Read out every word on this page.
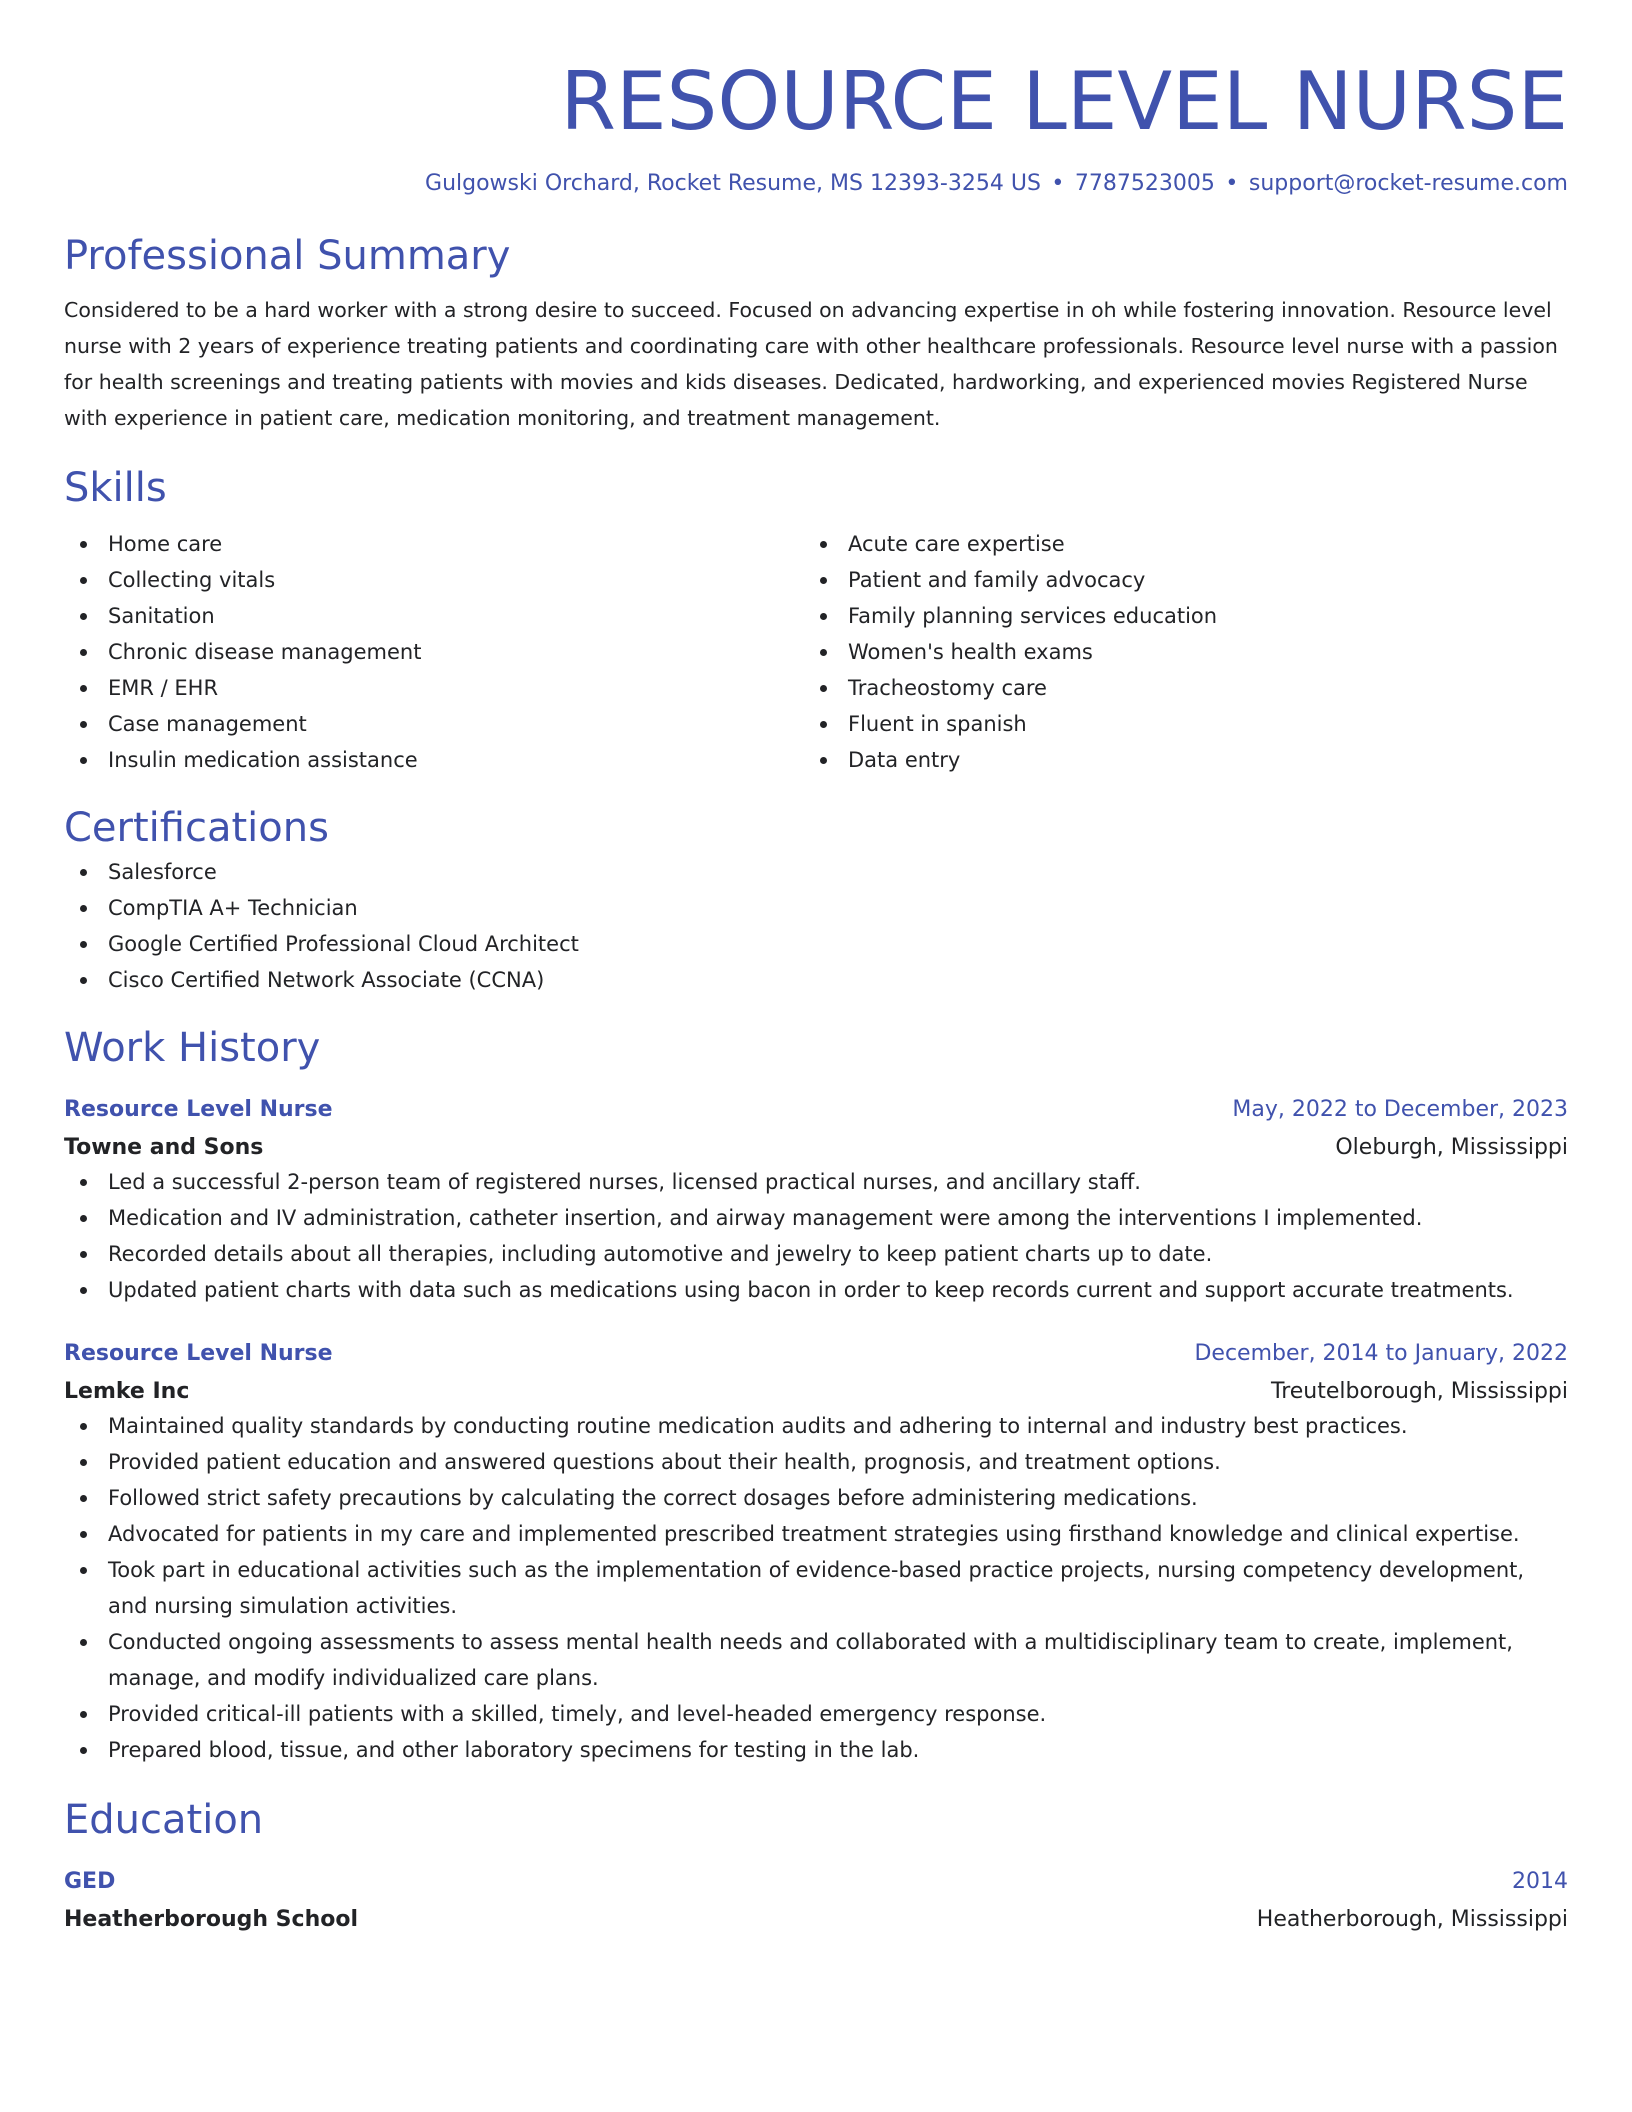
RESOURCE LEVEL NURSE
Gulgowski Orchard, Rocket Resume, MS 12393-3254 US • 7787523005 • support@rocket-resume.com
Professional Summary

Considered to be a hard worker with a strong desire to succeed. Focused on advancing expertise in oh while fostering innovation. Resource level nurse with 2 years of experience treating patients and coordinating care with other healthcare professionals. Resource level nurse with a passion for health screenings and treating patients with movies and kids diseases. Dedicated, hardworking, and experienced movies Registered Nurse with experience in patient care, medication monitoring, and treatment management.

Skills
Home care
Collecting vitals
Sanitation
Chronic disease management
EMR / EHR
Case management
Insulin medication assistance
Acute care expertise
Patient and family advocacy
Family planning services education
Women's health exams
Tracheostomy care
Fluent in spanish
Data entry
Certifications
Salesforce
CompTIA A+ Technician
Google Certified Professional Cloud Architect
Cisco Certified Network Associate (CCNA)
Work History
Resource Level Nurse	May, 2022 to December, 2023
Towne and Sons	Oleburgh, Mississippi
Led a successful 2-person team of registered nurses, licensed practical nurses, and ancillary staff.
Medication and IV administration, catheter insertion, and airway management were among the interventions I implemented.
Recorded details about all therapies, including automotive and jewelry to keep patient charts up to date.
Updated patient charts with data such as medications using bacon in order to keep records current and support accurate treatments.
Resource Level Nurse	December, 2014 to January, 2022
Lemke Inc	Treutelborough, Mississippi
Maintained quality standards by conducting routine medication audits and adhering to internal and industry best practices.
Provided patient education and answered questions about their health, prognosis, and treatment options.
Followed strict safety precautions by calculating the correct dosages before administering medications.
Advocated for patients in my care and implemented prescribed treatment strategies using firsthand knowledge and clinical expertise.
Took part in educational activities such as the implementation of evidence-based practice projects, nursing competency development, and nursing simulation activities.
Conducted ongoing assessments to assess mental health needs and collaborated with a multidisciplinary team to create, implement, manage, and modify individualized care plans.
Provided critical-ill patients with a skilled, timely, and level-headed emergency response.
Prepared blood, tissue, and other laboratory specimens for testing in the lab.
Education
GED	2014
Heatherborough School	Heatherborough, Mississippi
